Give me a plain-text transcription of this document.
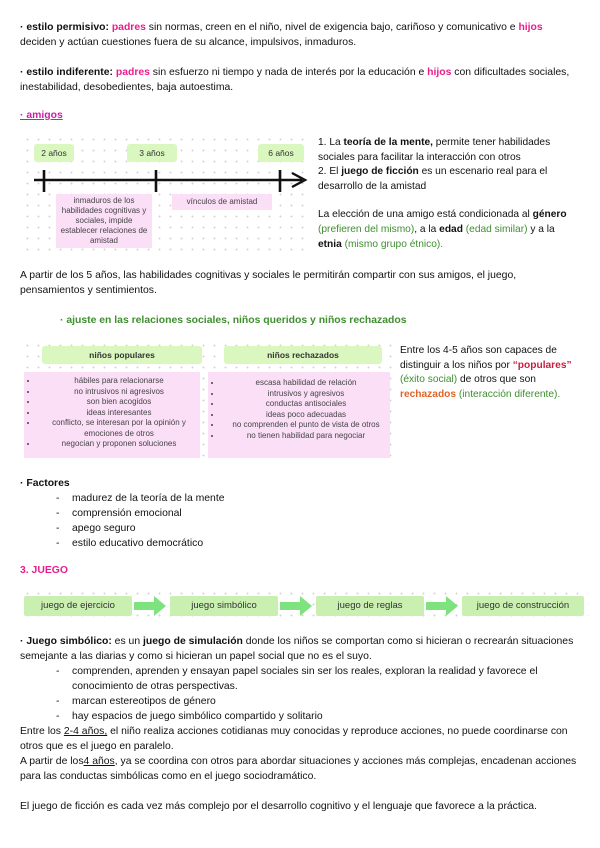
· estilo permisivo: padres sin normas, creen en el niño, nivel de exigencia bajo, cariñoso y comunicativo e hijos deciden y actúan cuestiones fuera de su alcance, impulsivos, inmaduros.
· estilo indiferente: padres sin esfuerzo ni tiempo y nada de interés por la educación e hijos con dificultades sociales, inestabilidad, desobedientes, baja autoestima.
· amigos
2 años	3 años	6 años
inmaduros de los habilidades cognitivas y sociales, impide establecer relaciones de amistad
vínculos de amistad
1. La teoría de la mente, permite tener habilidades sociales para facilitar la interacción con otros
2. El juego de ficción es un escenario real para el desarrollo de la amistad
La elección de una amigo está condicionada al género (prefieren del mismo), a la edad (edad similar) y a la etnia (mismo grupo étnico).
A partir de los 5 años, las habilidades cognitivas y sociales le permitirán compartir con sus amigos, el juego, pensamientos y sentimientos.
· ajuste en las relaciones sociales, niños queridos y niños rechazados
niños populares	niños rechazados
• hábiles para relacionarse
• no intrusivos ni agresivos
• son bien acogidos
• ideas interesantes
• conflicto, se interesan por la opinión y emociones de otros
• negocian y proponen soluciones
• escasa habilidad de relación
• intrusivos y agresivos
• conductas antisociales
• ideas poco adecuadas
• no comprenden el punto de vista de otros
• no tienen habilidad para negociar
Entre los 4-5 años son capaces de distinguir a los niños por “populares” (éxito social) de otros que son rechazados (interacción diferente).
· Factores
- madurez de la teoría de la mente
- comprensión emocional
- apego seguro
- estilo educativo democrático
3. JUEGO
juego de ejercicio	juego simbólico	juego de reglas	juego de construcción
· Juego simbólico: es un juego de simulación donde los niños se comportan como si hicieran o recrearán situaciones semejante a las diarias y como si hicieran un papel social que no es el suyo.
- comprenden, aprenden y ensayan papel sociales sin ser los reales, exploran la realidad y favorece el conocimiento de otras perspectivas.
- marcan estereotipos de género
- hay espacios de juego simbólico compartido y solitario
Entre los 2-4 años, el niño realiza acciones cotidianas muy conocidas y reproduce acciones, no puede coordinarse con otros que es el juego en paralelo.
A partir de los4 años, ya se coordina con otros para abordar situaciones y acciones más complejas, encadenan acciones para las conductas simbólicas como en el juego sociodramático.
El juego de ficción es cada vez más complejo por el desarrollo cognitivo y el lenguaje que favorece a la práctica.
